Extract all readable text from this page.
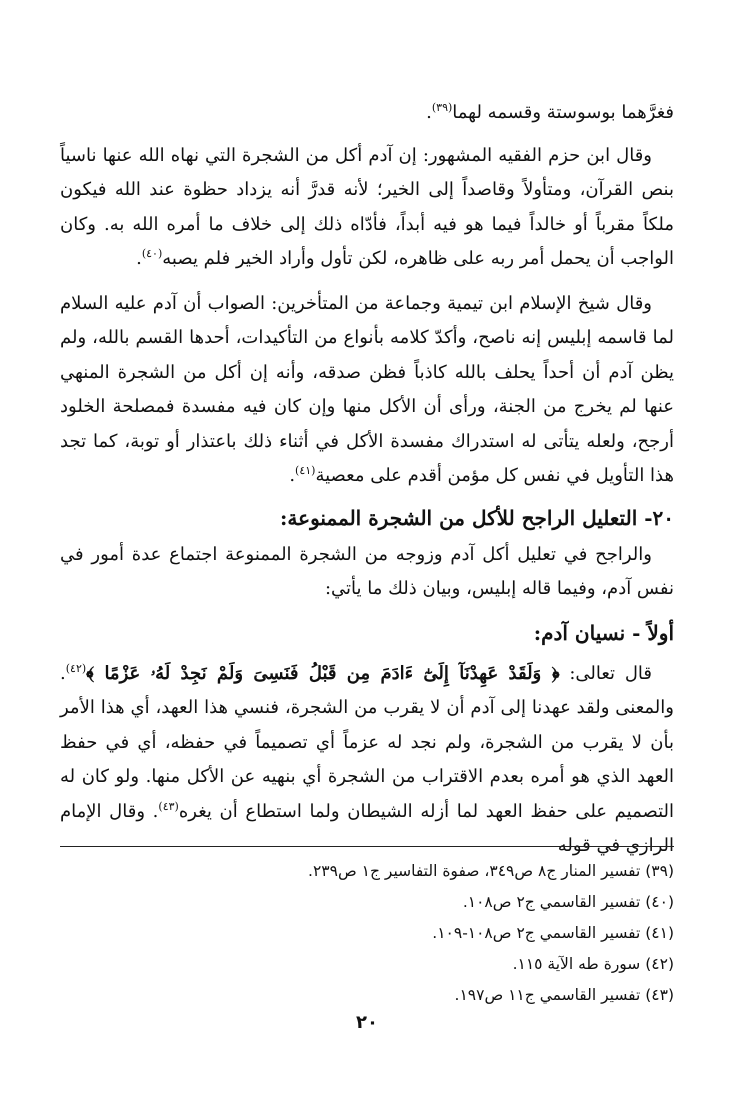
فغرَّهما بوسوستة وقسمه لهما$^{(٣٩)}$.

وقال ابن حزم الفقيه المشهور: إن آدم أكل من الشجرة التي نهاه الله عنها ناسياً بنص القرآن، ومتأولاً وقاصداً إلى الخير؛ لأنه قدرَّ أنه يزداد حظوة عند الله فيكون ملكاً مقرباً أو خالداً فيما هو فيه أبداً، فأدّاه ذلك إلى خلاف ما أمره الله به. وكان الواجب أن يحمل أمر ربه على ظاهره، لكن تأول وأراد الخير فلم يصبه$^{(٤٠)}$.

وقال شيخ الإسلام ابن تيمية وجماعة من المتأخرين: الصواب أن آدم عليه السلام لما قاسمه إبليس إنه ناصح، وأكدّ كلامه بأنواع من التأكيدات، أحدها القسم بالله، ولم يظن آدم أن أحداً يحلف بالله كاذباً فظن صدقه، وأنه إن أكل من الشجرة المنهي عنها لم يخرج من الجنة، ورأى أن الأكل منها وإن كان فيه مفسدة فمصلحة الخلود أرجح، ولعله يتأتى له استدراك مفسدة الأكل في أثناء ذلك باعتذار أو توبة، كما تجد هذا التأويل في نفس كل مؤمن أقدم على معصية$^{(٤١)}$.

٢٠- التعليل الراجح للأكل من الشجرة الممنوعة:

والراجح في تعليل أكل آدم وزوجه من الشجرة الممنوعة اجتماع عدة أمور في نفس آدم، وفيما قاله إبليس، وبيان ذلك ما يأتي:

أولاً - نسيان آدم:

قال تعالى: ﴿ وَلَقَدْ عَهِدْنَآ إِلَىٰٓ ءَادَمَ مِن قَبْلُ فَنَسِىَ وَلَمْ نَجِدْ لَهُۥ عَزْمًا ﴾$^{(٤٢)}$. والمعنى ولقد عهدنا إلى آدم أن لا يقرب من الشجرة، فنسي هذا العهد، أي هذا الأمر بأن لا يقرب من الشجرة، ولم نجد له عزماً أي تصميماً في حفظه، أي في حفظ العهد الذي هو أمره بعدم الاقتراب من الشجرة أي بنهيه عن الأكل منها. ولو كان له التصميم على حفظ العهد لما أزله الشيطان ولما استطاع أن يغره$^{(٤٣)}$. وقال الإمام الرازي في قوله

(٣٩) تفسير المنار ج٨ ص٣٤٩، صفوة التفاسير ج١ ص٢٣٩.
(٤٠) تفسير القاسمي ج٢ ص١٠٨.
(٤١) تفسير القاسمي ج٢ ص١٠٨-١٠٩.
(٤٢) سورة طه الآية ١١٥.
(٤٣) تفسير القاسمي ج١١ ص١٩٧.
٢٠
